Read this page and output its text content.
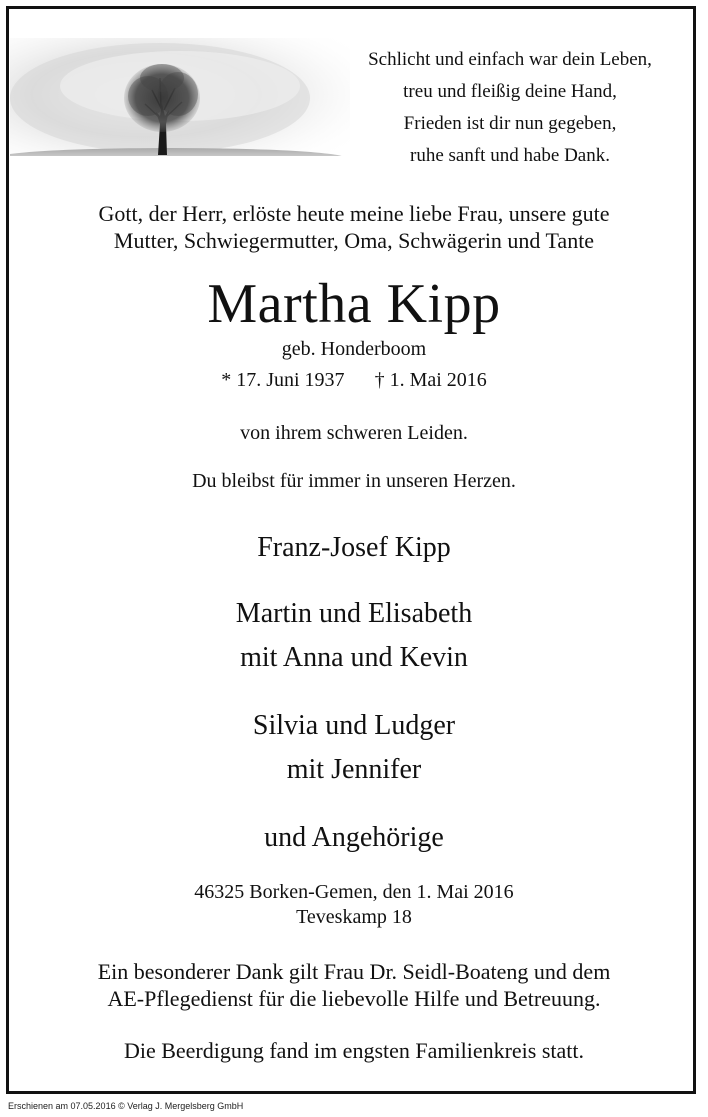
Schlicht und einfach war dein Leben,
treu und fleißig deine Hand,
Frieden ist dir nun gegeben,
ruhe sanft und habe Dank.
Gott, der Herr, erlöste heute meine liebe Frau, unsere gute
Mutter, Schwiegermutter, Oma, Schwägerin und Tante
Martha Kipp
geb. Honderboom
* 17. Juni 1937 † 1. Mai 2016
von ihrem schweren Leiden.
Du bleibst für immer in unseren Herzen.
Franz-Josef Kipp
Martin und Elisabeth
mit Anna und Kevin
Silvia und Ludger
mit Jennifer
und Angehörige
46325 Borken-Gemen, den 1. Mai 2016
Teveskamp 18
Ein besonderer Dank gilt Frau Dr. Seidl-Boateng und dem
AE-Pflegedienst für die liebevolle Hilfe und Betreuung.
Die Beerdigung fand im engsten Familienkreis statt.
Erschienen am 07.05.2016 © Verlag J. Mergelsberg GmbH
